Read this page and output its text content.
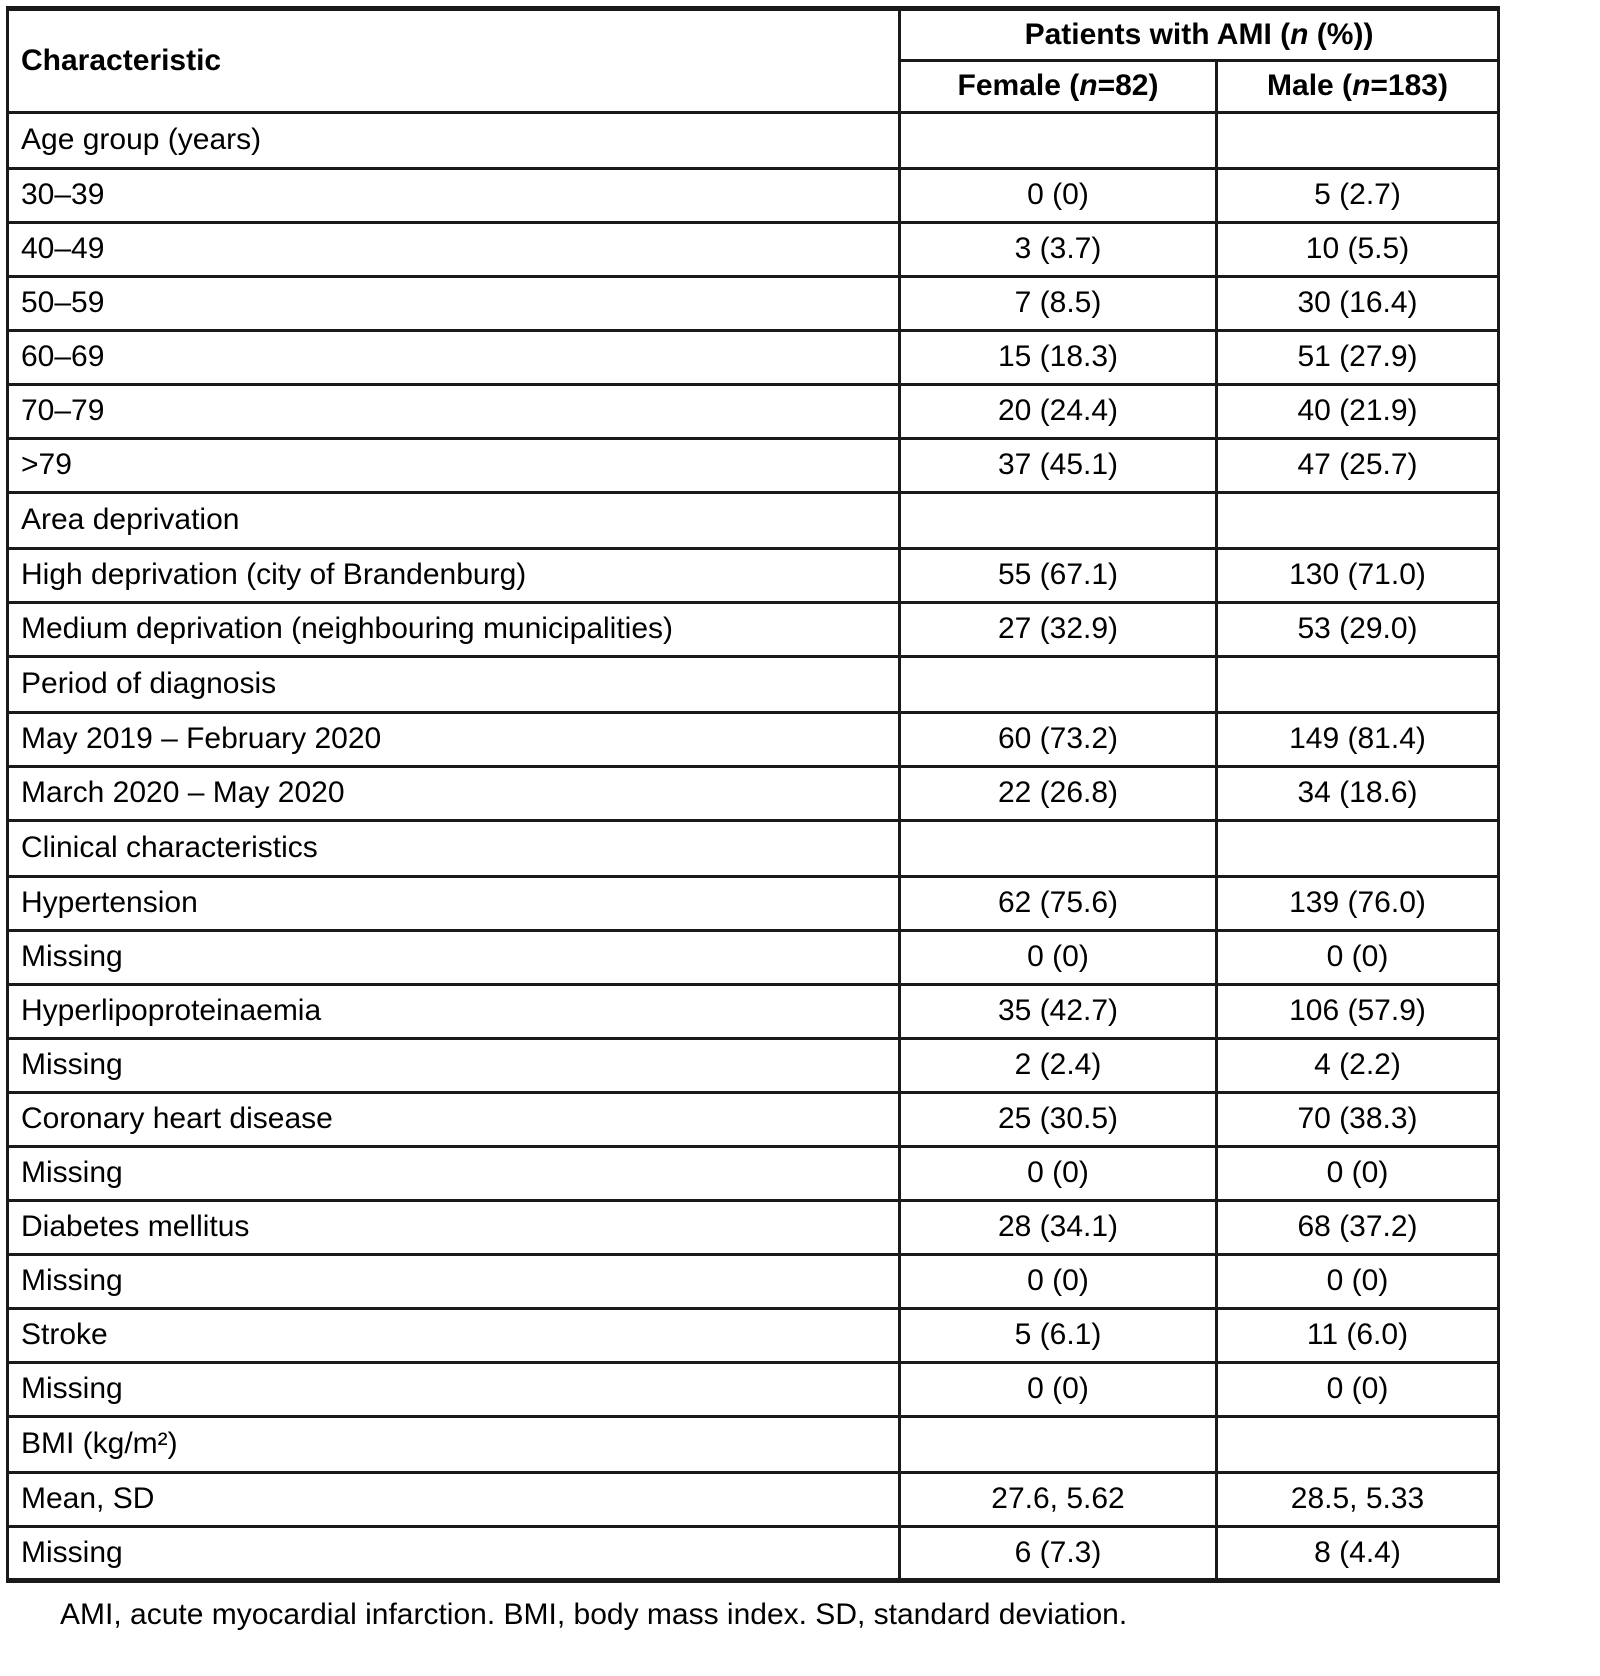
Characteristic	Patients with AMI (n (%))	
	Female (n=82)	Male (n=183)
Age group (years)		
30–39	0 (0)	5 (2.7)
40–49	3 (3.7)	10 (5.5)
50–59	7 (8.5)	30 (16.4)
60–69	15 (18.3)	51 (27.9)
70–79	20 (24.4)	40 (21.9)
>79	37 (45.1)	47 (25.7)
Area deprivation		
High deprivation (city of Brandenburg)	55 (67.1)	130 (71.0)
Medium deprivation (neighbouring municipalities)	27 (32.9)	53 (29.0)
Period of diagnosis		
May 2019 – February 2020	60 (73.2)	149 (81.4)
March 2020 – May 2020	22 (26.8)	34 (18.6)
Clinical characteristics		
Hypertension	62 (75.6)	139 (76.0)
Missing	0 (0)	0 (0)
Hyperlipoproteinaemia	35 (42.7)	106 (57.9)
Missing	2 (2.4)	4 (2.2)
Coronary heart disease	25 (30.5)	70 (38.3)
Missing	0 (0)	0 (0)
Diabetes mellitus	28 (34.1)	68 (37.2)
Missing	0 (0)	0 (0)
Stroke	5 (6.1)	11 (6.0)
Missing	0 (0)	0 (0)
BMI (kg/m²)		
Mean, SD	27.6, 5.62	28.5, 5.33
Missing	6 (7.3)	8 (4.4)
AMI, acute myocardial infarction. BMI, body mass index. SD, standard deviation.
